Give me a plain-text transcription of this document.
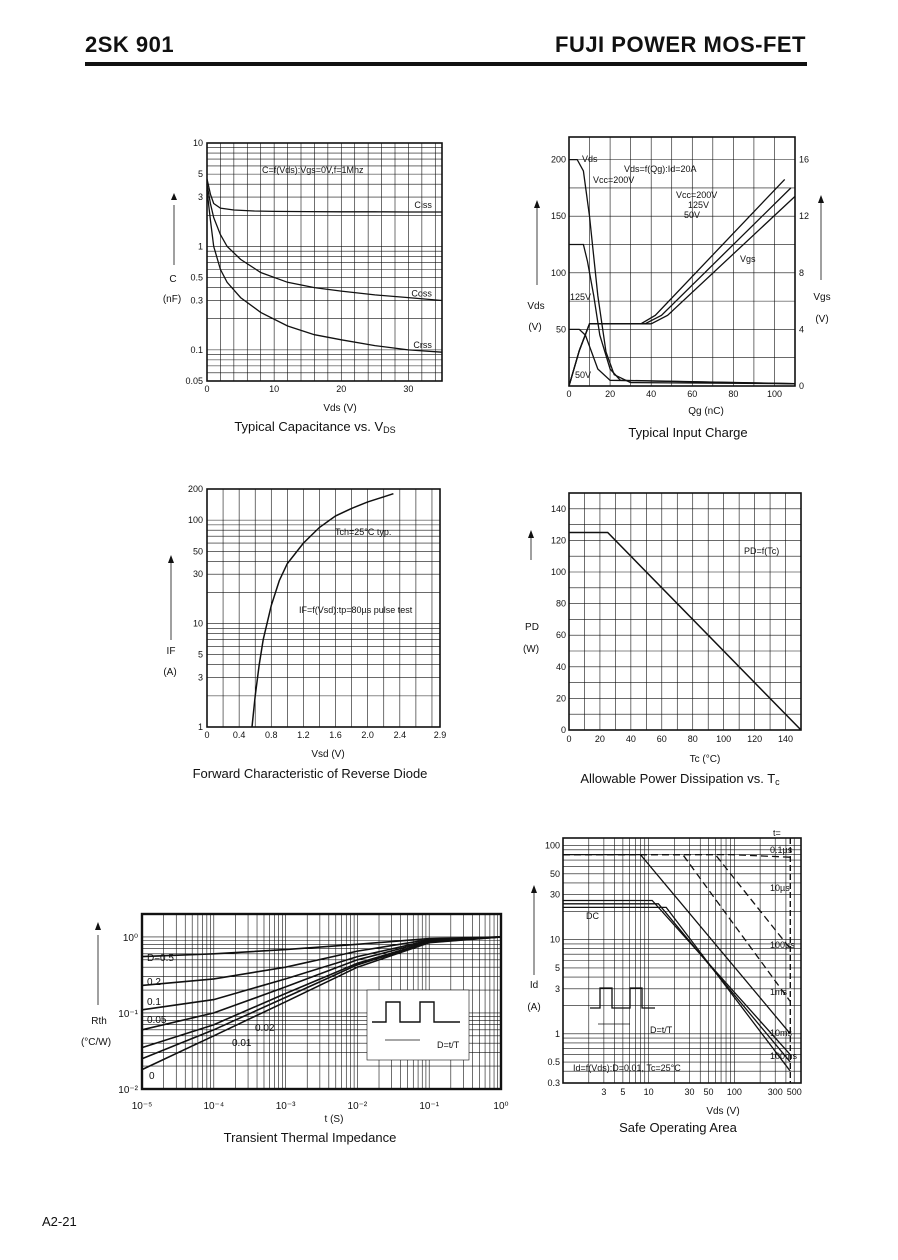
2SK 901	FUJI POWER MOS-FET
A2-21
0	10	20	30
10
5
3
1
0.5
0.3
0.1
0.05
Ciss
Coss
Crss
C=f(Vds):Vgs=0V,f=1Mhz
Vds (V)
C
(nF)
Typical Capacitance vs. VDS
0	20	40	60	80	100
50
100
150
200
0
4
8
12
16
Vds=f(Qg):Id=20A
Vds
Vcc=200V
Vcc=200V
125V
50V
125V
50V
Vgs
Qg (nC)
Vds
(V)
Vgs
(V)
Typical Input Charge
0	0.4 0.8 1.2 1.6 2.0 2.4	2.9
200
100
50
30
10
5
3
1
Tch=25°C typ.
IF=f(Vsd):tp=80µs pulse test
Vsd (V)
IF
(A)
Forward Characteristic of Reverse Diode
0	20 40 60 80 100 120 140
0
20
40
60
80
100
120
140
PD=f(Tc)
Tc (°C)
PD
(W)
Allowable Power Dissipation vs. Tc
10⁻⁵	10⁻⁴	10⁻³	10⁻²	10⁻¹	10⁰
10⁰
10⁻¹
10⁻²
D=0.5
0.2
0.1
0.05
0.02
0.01
0
D=t/T
t (S)
Rth
(°C/W)
Transient Thermal Impedance
3 5 10	30 50 100	300 500
100
50
30
10
5
3
1
0.5
0.3
0.1µs
10µs
100µs
1ms
10ms
100ms
t=
DC
D=t/T
Id=f(Vds):D=0.01, Tc=25°C
Vds (V)
Id
(A)
Safe Operating Area
